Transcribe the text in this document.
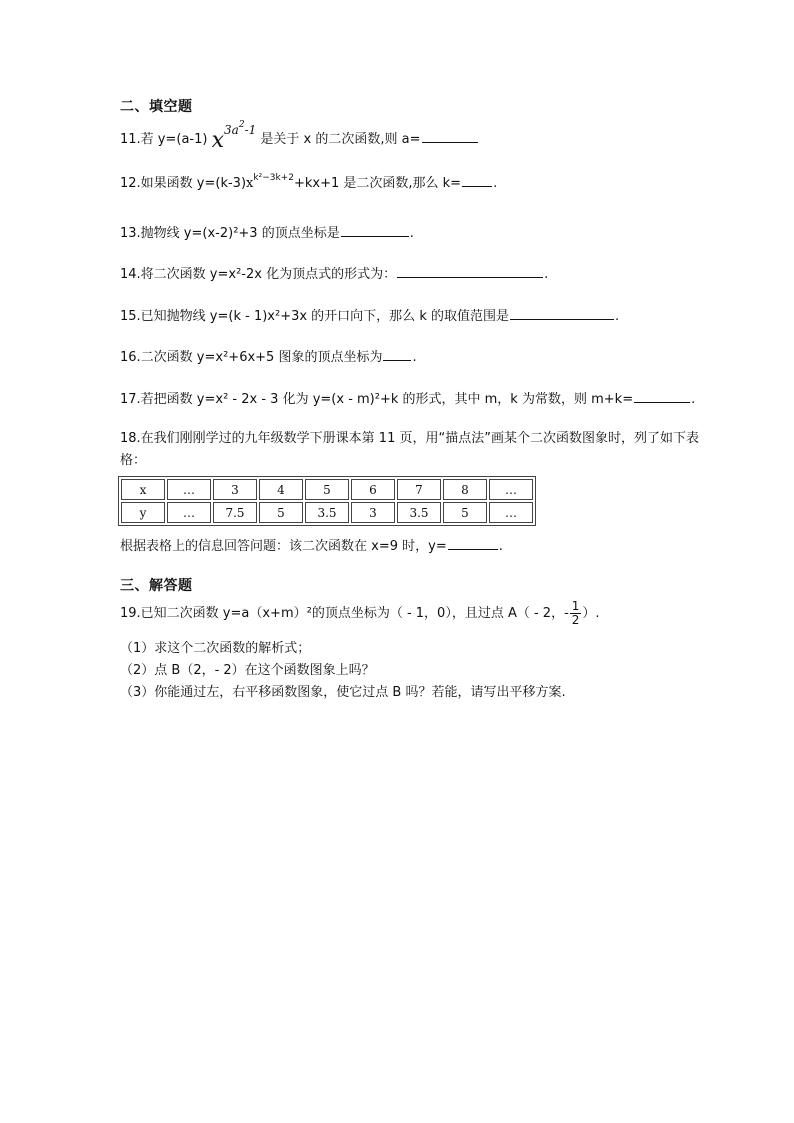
二、填空题
11.若 y=(a-1) $x3a^2-1$ 是关于 x 的二次函数,则 a=
12.如果函数 $y=(k-3)x^{k^2-3k+2}+kx+1$ 是二次函数,那么 k= .
13.抛物线 y=(x-2)²+3 的顶点坐标是	.
14.将二次函数 y=x²-2x 化为顶点式的形式为：	.
15.已知抛物线 y=(k - 1)x²+3x 的开口向下，那么 k 的取值范围是	.
16.二次函数 y=x²+6x+5 图象的顶点坐标为 .
17.若把函数 y=x² - 2x - 3 化为 y=(x - m)²+k 的形式，其中 m，k 为常数，则 m+k=	.
18.在我们刚刚学过的九年级数学下册课本第 11 页，用“描点法”画某个二次函数图象时，列了如下表格：
x	…	3	4	5	6	7	8	…
y	…	7.5	5	3.5	3	3.5	5	…
根据表格上的信息回答问题：该二次函数在 x=9 时，y=	.
三、解答题
19.已知二次函数 y=a（x+m）²的顶点坐标为（ - 1，0），且过点 A（ - 2，- $\frac{1}{2}$ ）.
（1）求这个二次函数的解析式；
（2）点 B（2，- 2）在这个函数图象上吗？
（3）你能通过左，右平移函数图象，使它过点 B 吗？若能，请写出平移方案.
